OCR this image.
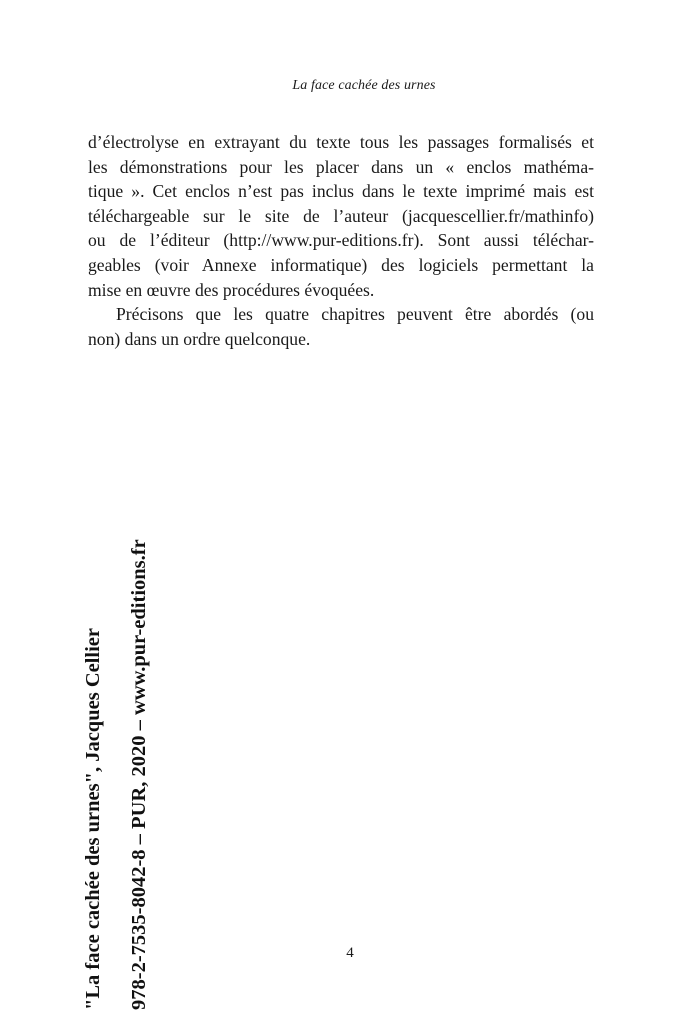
La face cachée des urnes
d’électrolyse en extrayant du texte tous les passages formalisés et
les démonstrations pour les placer dans un « enclos mathéma-
tique ». Cet enclos n’est pas inclus dans le texte imprimé mais est
téléchargeable sur le site de l’auteur (jacquescellier.fr/mathinfo)
ou de l’éditeur (http://www.pur-editions.fr). Sont aussi téléchar-
geables (voir Annexe informatique) des logiciels permettant la
mise en œuvre des procédures évoquées.
Précisons que les quatre chapitres peuvent être abordés (ou
non) dans un ordre quelconque.
4
"La face cachée des urnes", Jacques Cellier	978-2-7535-8042-8 – PUR, 2020 – www.pur-editions.fr
